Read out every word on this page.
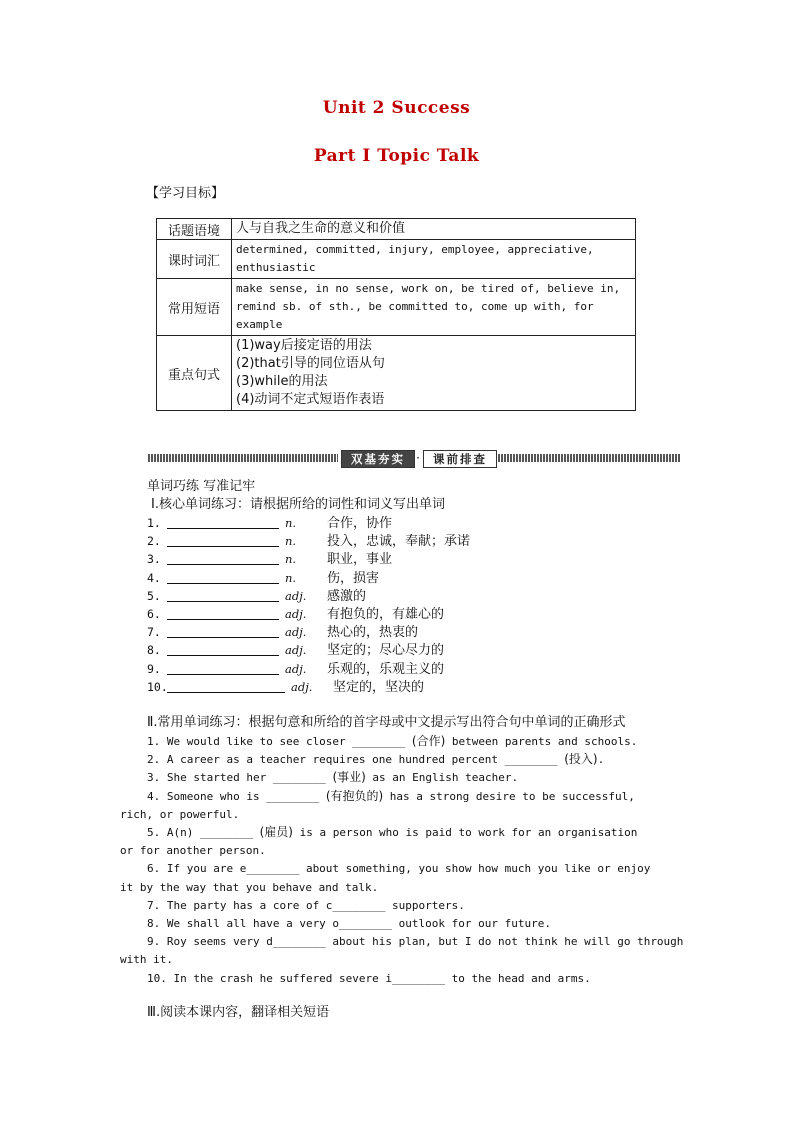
Unit 2 Success
Part Ⅰ Topic Talk
【学习目标】
话题语境	人与自我之生命的意义和价值
课时词汇	determined, committed, injury, employee, appreciative, enthusiastic
常用短语	make sense, in no sense, work on, be tired of, believe in, remind sb. of sth., be committed to, come up with, for example
重点句式	(1)way后接定语的用法
(2)that引导的同位语从句
(3)while的用法
(4)动词不定式短语作表语
双基夯实 ·	课前排查
单词巧练 写准记牢
Ⅰ.核心单词练习：请根据所给的词性和词义写出单词
1.	n. 合作，协作
2.	n. 投入，忠诚，奉献；承诺
3.	n. 职业，事业
4.	n. 伤，损害
5.	adj. 感激的
6.	adj. 有抱负的，有雄心的
7.	adj. 热心的，热衷的
8.	adj. 坚定的；尽心尽力的
9.	adj. 乐观的，乐观主义的
10.	adj. 坚定的，坚决的
Ⅱ.常用单词练习：根据句意和所给的首字母或中文提示写出符合句中单词的正确形式
1. We would like to see closer ________ (合作) between parents and schools.
2. A career as a teacher requires one hundred percent ________ (投入).
3. She started her ________ (事业) as an English teacher.
4. Someone who is ________ (有抱负的) has a strong desire to be successful,
rich, or powerful.
5. A(n) ________ (雇员) is a person who is paid to work for an organisation
or for another person.
6. If you are e________ about something, you show how much you like or enjoy
it by the way that you behave and talk.
7. The party has a core of c________ supporters.
8. We shall all have a very o________ outlook for our future.
9. Roy seems very d________ about his plan, but I do not think he will go through
with it.
10. In the crash he suffered severe i________ to the head and arms.
Ⅲ.阅读本课内容，翻译相关短语
